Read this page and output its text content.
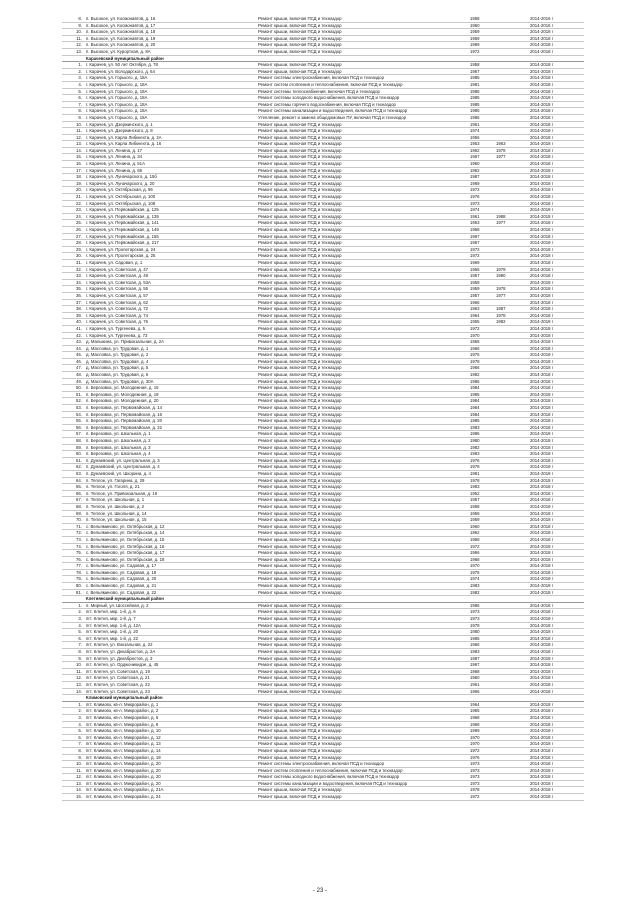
8. п. Высокое, ул. Космонавтов, д. 16	Ремонт крыши, включая ПСД и техназдор	1958	2014-2016 г
9. п. Высокое, ул. Космонавтов, д. 17	Ремонт крыши, включая ПСД и техназдор	1960	2014-2016 г
10. п. Высокое, ул. Космонавтов, д. 18	Ремонт крыши, включая ПСД и техназдор	1959	2014-2018 г
11. п. Высокое, ул. Космонавтов, д. 19	Ремонт крыши, включая ПСД и техназдор	1959	2014-2018 г
12. п. Высокое, ул. Космонавтов, д. 20	Ремонт крыши, включая ПСД и техназдор	1969	2014-2018 г
13. п. Высокое, ул. Курортная, д. 8А	Ремонт крыши, включая ПСД и техназдор	1972	2014-2018 г
Карачевский муниципальный район
1. г. Карачев, ул. 50 лет Октября, д. 78	Ремонт крыши, включая ПСД и техназдор	1958	2014-2018 г
2. г. Карачев, ул. Володарского, д. 64	Ремонт крыши, включая ПСД и техназдор	1967	2014-2018 г
3. г. Карачев, ул. Горького, д. 18А	Ремонт системы электроснабжения, включая ПСД и техназдор	1985	2014-2018 г
4. г. Карачев, ул. Горького, д. 18А	Ремонт систем отопления и теплоснабжения, включая ПСД и техназдор	1981	2014-2018 г
5. г. Карачев, ул. Горького, д. 18А	Ремонт системы теплоснабжения, включая ПСД и техназдор	1985	2014-2018 г
6. г. Карачев, ул. Горького, д. 18А	Ремонт системы холодного водоснабжения, включая ПСД и техназдор	1985	2014-2018 г
7. г. Карачев, ул. Горького, д. 18А	Ремонт системы горячего водоснабжения, включая ПСД и техназдор	1985	2014-2018 г
8. г. Карачев, ул. Горького, д. 18А	Ремонт системы канализации и водоотведения, включая ПСД и техназдор	1985	2014-2018 г
9. г. Карачев, ул. Горького, д. 18А	Утепление, ремонт и замена общедомовых ПУ, включая ПСД и техназдор	1985	2014-2018 г
10. г. Карачев, ул. Дзержинского, д. 1	Ремонт крыши, включая ПСД и техназдор	1961	2014-2018 г
11. г. Карачев, ул. Дзержинского, д. 8	Ремонт крыши, включая ПСД и техназдор	1974	2014-2018 г
12. г. Карачев, ул. Карла Либкнехта, д. 2А	Ремонт крыши, включая ПСД и техназдор	1956	2014-2018 г
13. г. Карачев, ул. Карла Либкнехта, д. 16	Ремонт крыши, включая ПСД и техназдор	1953	1963	2014-2018 г
14. г. Карачев, ул. Ленина, д. 17	Ремонт крыши, включая ПСД и техназдор	1962	1978	2014-2018 г
15. г. Карачев, ул. Ленина, д. 34	Ремонт крыши, включая ПСД и техназдор	1957	1977	2014-2018 г
16. г. Карачев, ул. Ленина, д. 51А	Ремонт крыши, включая ПСД и техназдор	1960	2014-2018 г
17. г. Карачев, ул. Ленина, д. 58	Ремонт крыши, включая ПСД и техназдор	1962	2014-2018 г
18. г. Карачев, ул. Луначарского, д. 15б	Ремонт крыши, включая ПСД и техназдор	1987	2014-2018 г
19. г. Карачев, ул. Луначарского, д. 20	Ремонт крыши, включая ПСД и техназдор	1969	2014-2018 г
20. г. Карачев, ул. Октябрьская, д. 96	Ремонт крыши, включая ПСД и техназдор	1972	2014-2018 г
21. г. Карачев, ул. Октябрьская, д. 100	Ремонт крыши, включая ПСД и техназдор	1976	2014-2018 г
22. г. Карачев, ул. Октябрьская, д. 108	Ремонт крыши, включая ПСД и техназдор	1973	2014-2018 г
23. г. Карачев, ул. Первомайская, д. 125	Ремонт крыши, включая ПСД и техназдор	1974	2014-2018 г
24. г. Карачев, ул. Первомайская, д. 139	Ремонт крыши, включая ПСД и техназдор	1961	1988	2014-2018 г
25. г. Карачев, ул. Первомайская, д. 141	Ремонт крыши, включая ПСД и техназдор	1963	1977	2014-2018 г
26. г. Карачев, ул. Первомайская, д. 149	Ремонт крыши, включая ПСД и техназдор	1958	2014-2018 г
27. г. Карачев, ул. Первомайская, д. 155	Ремонт крыши, включая ПСД и техназдор	1967	2014-2018 г
28. г. Карачев, ул. Первомайская, д. 217	Ремонт крыши, включая ПСД и техназдор	1967	2014-2018 г
29. г. Карачев, ул. Пролетарская, д. 24	Ремонт крыши, включая ПСД и техназдор	1972	2014-2018 г
30. г. Карачев, ул. Пролетарская, д. 25	Ремонт крыши, включая ПСД и техназдор	1972	2014-2018 г
31. г. Карачев, ул. Садовая, д. 1	Ремонт крыши, включая ПСД и техназдор	1969	2014-2018 г
32. г. Карачев, ул. Советская, д. 47	Ремонт крыши, включая ПСД и техназдор	1955	1979	2014-2018 г
33. г. Карачев, ул. Советская, д. 49	Ремонт крыши, включая ПСД и техназдор	1957	1980	2014-2018 г
34. г. Карачев, ул. Советская, д. 53А	Ремонт крыши, включая ПСД и техназдор	1959	2014-2018 г
35. г. Карачев, ул. Советская, д. 55	Ремонт крыши, включая ПСД и техназдор	1959	1978	2014-2018 г
36. г. Карачев, ул. Советская, д. 57	Ремонт крыши, включая ПСД и техназдор	1957	1977	2014-2018 г
37. г. Карачев, ул. Советская, д. 62	Ремонт крыши, включая ПСД и техназдор	1966	2014-2018 г
38. г. Карачев, ул. Советская, д. 72	Ремонт крыши, включая ПСД и техназдор	1963	1987	2014-2018 г
39. г. Карачев, ул. Советская, д. 74	Ремонт крыши, включая ПСД и техназдор	1964	1978	2014-2018 г
40. г. Карачев, ул. Советская, д. 76	Ремонт крыши, включая ПСД и техназдор	1955	1982	2014-2018 г
41. г. Карачев, ул. Тургенева, д. 5	Ремонт крыши, включая ПСД и техназдор	1972	2014-2018 г
42. г. Карачев, ул. Тургенева, д. 73	Ремонт крыши, включая ПСД и техназдор	1970	2014-2018 г
43. д. Малыкина, ул. Привокзальная, д. 2А	Ремонт крыши, включая ПСД и техназдор	1965	2014-2018 г
44. д. Масловка, ул. Трудовая, д. 1	Ремонт крыши, включая ПСД и техназдор	1966	2014-2018 г
45. д. Масловка, ул. Трудовая, д. 2	Ремонт крыши, включая ПСД и техназдор	1975	2014-2018 г
46. д. Масловка, ул. Трудовая, д. 4	Ремонт крыши, включая ПСД и техназдор	1978	2014-2018 г
47. д. Масловка, ул. Трудовая, д. 5	Ремонт крыши, включая ПСД и техназдор	1966	2014-2018 г
48. д. Масловка, ул. Трудовая, д. 6	Ремонт крыши, включая ПСД и техназдор	1982	2014-2018 г
49. д. Масловка, ул. Трудовая, д. 30А	Ремонт крыши, включая ПСД и техназдор	1985	2014-2018 г
50. п. Березовка, ул. Молодежная, д. 15	Ремонт крыши, включая ПСД и техназдор	1984	2014-2018 г
51. п. Березовка, ул. Молодежная, д. 18	Ремонт крыши, включая ПСД и техназдор	1985	2014-2018 г
52. п. Березовка, ул. Молодежная, д. 20	Ремонт крыши, включая ПСД и техназдор	1984	2014-2018 г
53. п. Березовка, ул. Первомайская, д. 14	Ремонт крыши, включая ПСД и техназдор	1984	2014-2018 г
54. п. Березовка, ул. Первомайская, д. 16	Ремонт крыши, включая ПСД и техназдор	1984	2014-2018 г
55. п. Березовка, ул. Первомайская, д. 20	Ремонт крыши, включая ПСД и техназдор	1985	2014-2018 г
56. п. Березовка, ул. Первомайская, д. 22	Ремонт крыши, включая ПСД и техназдор	1983	2014-2018 г
57. п. Березовка, ул. Школьная, д. 1	Ремонт крыши, включая ПСД и техназдор	1986	2014-2018 г
58. п. Березовка, ул. Школьная, д. 2	Ремонт крыши, включая ПСД и техназдор	1980	2014-2018 г
59. п. Березовка, ул. Школьная, д. 3	Ремонт крыши, включая ПСД и техназдор	1982	2014-2018 г
60. п. Березовка, ул. Школьная, д. 4	Ремонт крыши, включая ПСД и техназдор	1983	2014-2018 г
61. п. Дунаевский, ул. Центральная, д. 3	Ремонт крыши, включая ПСД и техназдор	1976	2014-2018 г
62. п. Дунаевский, ул. Центральная, д. 4	Ремонт крыши, включая ПСД и техназдор	1978	2014-2018 г
63. п. Дунаевский, ул. Шкорина, д. 4	Ремонт крыши, включая ПСД и техназдор	1981	2014-2018 г
64. п. Теплое, ул. Гагарина, д. 29	Ремонт крыши, включая ПСД и техназдор	1978	2014-2018 г
65. п. Теплое, ул. Гоголя, д. 21	Ремонт крыши, включая ПСД и техназдор	1983	2014-2018 г
66. п. Теплое, ул. Привокзальная, д. 19	Ремонт крыши, включая ПСД и техназдор	1952	2014-2018 г
67. п. Теплое, ул. Школьная, д. 1	Ремонт крыши, включая ПСД и техназдор	1957	2014-2018 г
68. п. Теплое, ул. Школьная, д. 2	Ремонт крыши, включая ПСД и техназдор	1958	2014-2018 г
69. п. Теплое, ул. Школьная, д. 14	Ремонт крыши, включая ПСД и техназдор	1958	2014-2018 г
70. п. Теплое, ул. Школьная, д. 15	Ремонт крыши, включая ПСД и техназдор	1959	2014-2018 г
71. с. Вельяминово, ул. Октябрьская, д. 12	Ремонт крыши, включая ПСД и техназдор	1960	2014-2018 г
72. с. Вельяминово, ул. Октябрьская, д. 14	Ремонт крыши, включая ПСД и техназдор	1962	2014-2018 г
73. с. Вельяминово, ул. Октябрьская, д. 15	Ремонт крыши, включая ПСД и техназдор	1958	2014-2018 г
74. с. Вельяминово, ул. Октябрьская, д. 16	Ремонт крыши, включая ПСД и техназдор	1972	2014-2018 г
75. с. Вельяминово, ул. Октябрьская, д. 17	Ремонт крыши, включая ПСД и техназдор	1966	2014-2018 г
76. с. Вельяминово, ул. Октябрьская, д. 18	Ремонт крыши, включая ПСД и техназдор	1968	2014-2018 г
77. с. Вельяминово, ул. Садовая, д. 17	Ремонт крыши, включая ПСД и техназдор	1970	2014-2018 г
78. с. Вельяминово, ул. Садовая, д. 18	Ремонт крыши, включая ПСД и техназдор	1975	2014-2018 г
79. с. Вельяминово, ул. Садовая, д. 20	Ремонт крыши, включая ПСД и техназдор	1974	2014-2018 г
80. с. Вельяминово, ул. Садовая, д. 21	Ремонт крыши, включая ПСД и техназдор	1983	2014-2018 г
81. с. Вельяминово, ул. Садовая, д. 22	Ремонт крыши, включая ПСД и техназдор	1982	2014-2018 г
Клетнянский муниципальный район
1. п. Мирный, ул. Шоссейная, д. 2	Ремонт крыши, включая ПСД и техназдор	1985	2014-2018 г
2. пгт. Клетня, мкр. 1-й, д. 6	Ремонт крыши, включая ПСД и техназдор	1973	2014-2018 г
3. пгт. Клетня, мкр. 1-й, д. 7	Ремонт крыши, включая ПСД и техназдор	1973	2014-2018 г
4. пгт. Клетня, мкр. 1-й, д. 12А	Ремонт крыши, включая ПСД и техназдор	1978	2014-2018 г
5. пгт. Клетня, мкр. 1-й, д. 20	Ремонт крыши, включая ПСД и техназдор	1980	2014-2018 г
6. пгт. Клетня, мкр. 1-й, д. 22	Ремонт крыши, включая ПСД и техназдор	1985	2014-2018 г
7. пгт. Клетня, ул. Вокзальная, д. 22	Ремонт крыши, включая ПСД и техназдор	1966	2014-2018 г
8. пгт. Клетня, ул. Декабристов, д. 2А	Ремонт крыши, включая ПСД и техназдор	1983	2014-2018 г
9. пгт. Клетня, ул. Декабристов, д. 3	Ремонт крыши, включая ПСД и техназдор	1987	2014-2018 г
10. пгт. Клетня, ул. Орджоникидзе, д. 45	Ремонт крыши, включая ПСД и техназдор	1967	2014-2018 г
11. пгт. Клетня, ул. Советская, д. 19	Ремонт крыши, включая ПСД и техназдор	1968	2014-2018 г
12. пгт. Клетня, ул. Советская, д. 21	Ремонт крыши, включая ПСД и техназдор	1960	2014-2018 г
13. пгт. Клетня, ул. Советская, д. 22	Ремонт крыши, включая ПСД и техназдор	1961	2014-2018 г
14. пгт. Клетня, ул. Советская, д. 23	Ремонт крыши, включая ПСД и техназдор	1966	2014-2018 г
Климовский муниципальный район
1. пгт. Климово, кв-л. Микрорайон, д. 1	Ремонт крыши, включая ПСД и техназдор	1964	2014-2018 г
2. пгт. Климово, кв-л. Микрорайон, д. 2	Ремонт крыши, включая ПСД и техназдор	1965	2014-2018 г
3. пгт. Климово, кв-л. Микрорайон, д. 6	Ремонт крыши, включая ПСД и техназдор	1968	2014-2018 г
4. пгт. Климово, кв-л. Микрорайон, д. 8	Ремонт крыши, включая ПСД и техназдор	1968	2014-2018 г
5. пгт. Климово, кв-л. Микрорайон, д. 10	Ремонт крыши, включая ПСД и техназдор	1969	2014-2018 г
6. пгт. Климово, кв-л. Микрорайон, д. 12	Ремонт крыши, включая ПСД и техназдор	1970	2014-2018 г
7. пгт. Климово, кв-л. Микрорайон, д. 13	Ремонт крыши, включая ПСД и техназдор	1970	2014-2018 г
8. пгт. Климово, кв-л. Микрорайон, д. 14	Ремонт крыши, включая ПСД и техназдор	1972	2014-2018 г
9. пгт. Климово, кв-л. Микрорайон, д. 19	Ремонт крыши, включая ПСД и техназдор	1976	2014-2018 г
10. пгт. Климово, кв-л. Микрорайон, д. 20	Ремонт системы электроснабжения, включая ПСД и техназдор	1973	2014-2018 г
11. пгт. Климово, кв-л. Микрорайон, д. 20	Ремонт систем отопления и теплоснабжения, включая ПСД и техназдор	1973	2014-2018 г
12. пгт. Климово, кв-л. Микрорайон, д. 20	Ремонт системы холодного водоснабжения, включая ПСД и техназдор	1973	2014-2018 г
13. пгт. Климово, кв-л. Микрорайон, д. 20	Ремонт системы канализации и водоотведения, включая ПСД и техназдор	1973	2014-2018 г
14. пгт. Климово, кв-л. Микрорайон, д. 21А	Ремонт крыши, включая ПСД и техназдор	1978	2014-2018 г
15. пгт. Климово, кв-л. Микрорайон, д. 24	Ремонт крыши, включая ПСД и техназдор	1972	2014-2018 г
- 23 -
